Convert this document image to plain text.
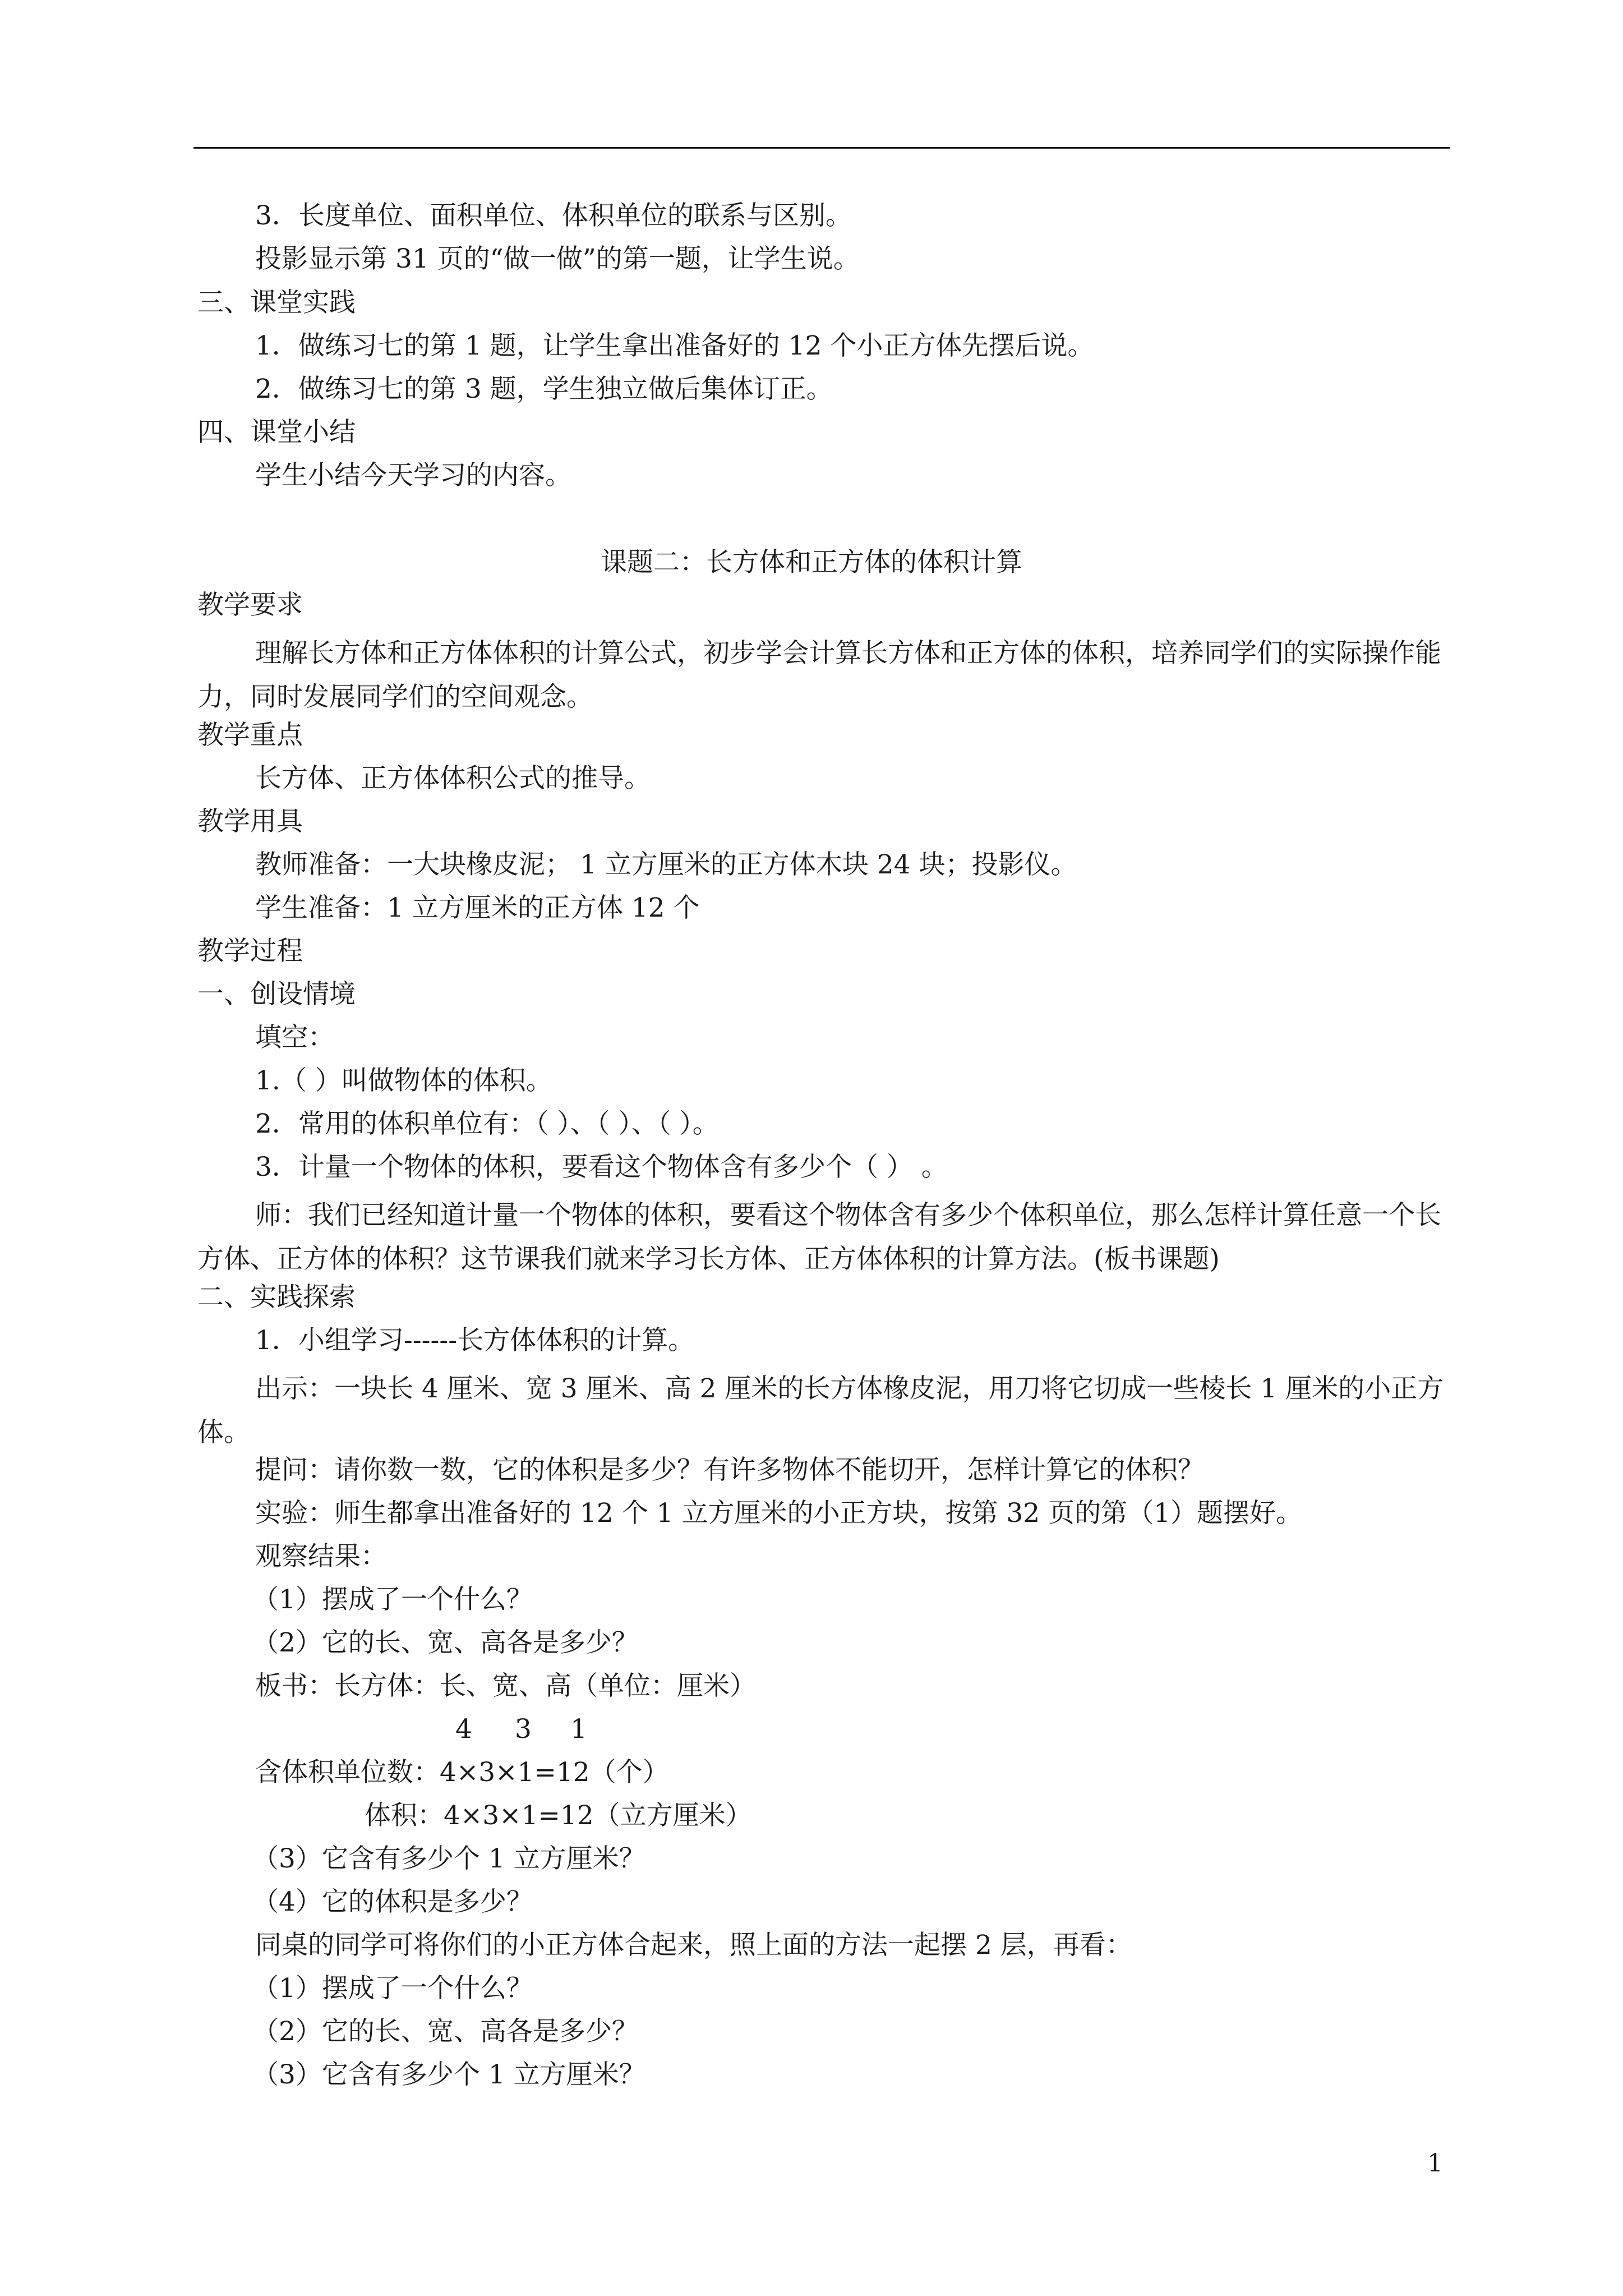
3．长度单位、面积单位、体积单位的联系与区别。
投影显示第 31 页的“做一做”的第一题，让学生说。
三、课堂实践
1．做练习七的第 1 题，让学生拿出准备好的 12 个小正方体先摆后说。
2．做练习七的第 3 题，学生独立做后集体订正。
四、课堂小结
学生小结今天学习的内容。
课题二：长方体和正方体的体积计算
教学要求
理解长方体和正方体体积的计算公式，初步学会计算长方体和正方体的体积，培养同学们的实际操作能力，同时发展同学们的空间观念。
教学重点
长方体、正方体体积公式的推导。
教学用具
教师准备：一大块橡皮泥； 1 立方厘米的正方体木块 24 块；投影仪。
学生准备：1 立方厘米的正方体 12 个
教学过程
一、创设情境
填空：
1.（ ）叫做物体的体积。
2．常用的体积单位有：（ ）、（ ）、（ ）。
3．计量一个物体的体积，要看这个物体含有多少个（ ） 。
师：我们已经知道计量一个物体的体积，要看这个物体含有多少个体积单位，那么怎样计算任意一个长方体、正方体的体积？这节课我们就来学习长方体、正方体体积的计算方法。(板书课题)
二、实践探索
1．小组学习------长方体体积的计算。
出示：一块长 4 厘米、宽 3 厘米、高 2 厘米的长方体橡皮泥，用刀将它切成一些棱长 1 厘米的小正方体。
提问：请你数一数，它的体积是多少？有许多物体不能切开，怎样计算它的体积？
实验：师生都拿出准备好的 12 个 1 立方厘米的小正方块，按第 32 页的第（1）题摆好。
观察结果：
（1）摆成了一个什么？
（2）它的长、宽、高各是多少？
板书：长方体：长、宽、高（单位：厘米）
4 3 1
含体积单位数：4×3×1=12（个）
体积：4×3×1=12（立方厘米）
（3）它含有多少个 1 立方厘米？
（4）它的体积是多少？
同桌的同学可将你们的小正方体合起来，照上面的方法一起摆 2 层，再看：
（1）摆成了一个什么？
（2）它的长、宽、高各是多少？
（3）它含有多少个 1 立方厘米？
1
